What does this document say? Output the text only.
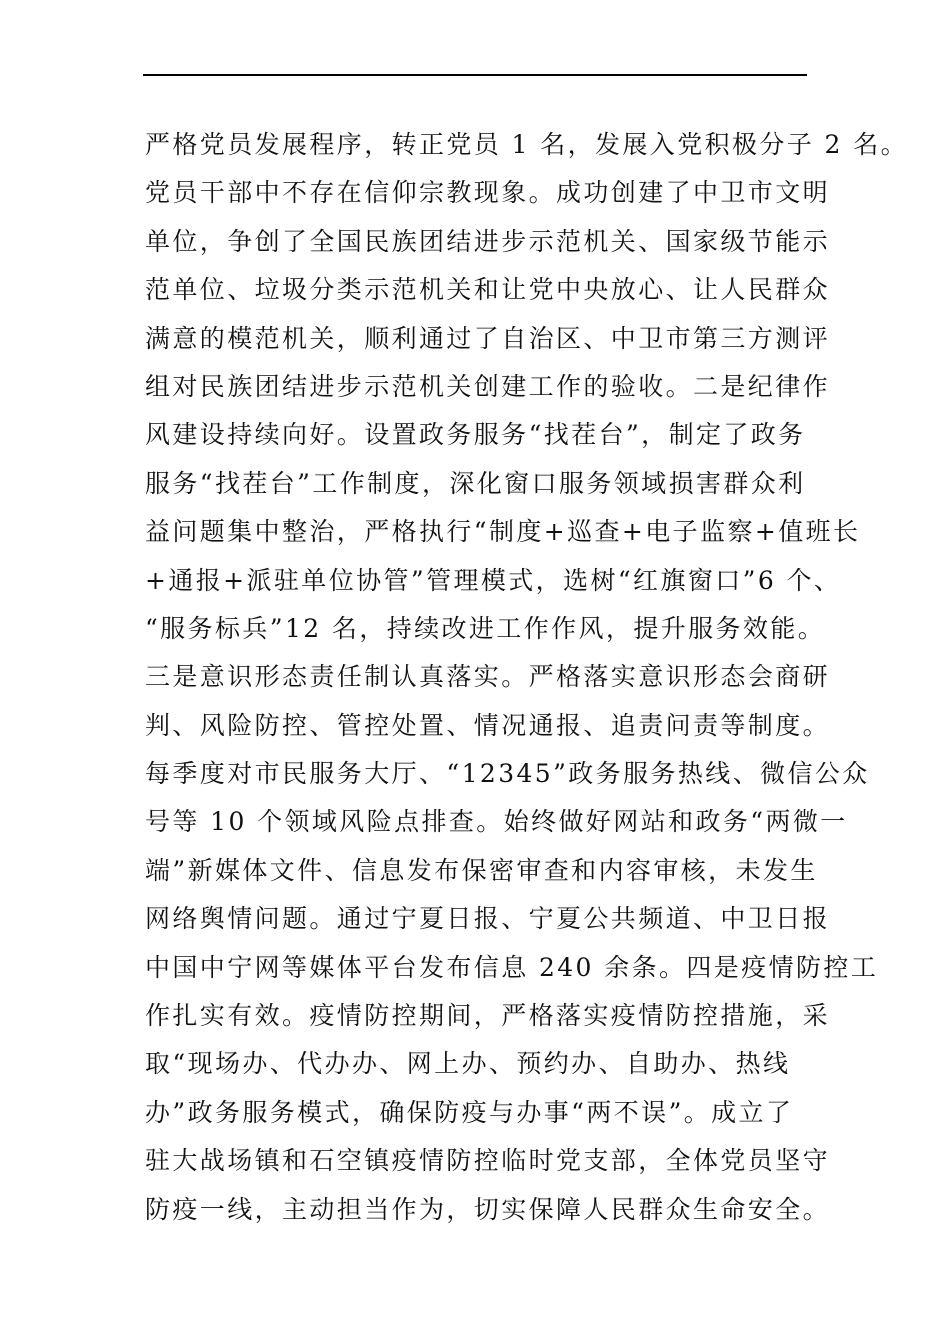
严格党员发展程序，转正党员 1 名，发展入党积极分子 2 名。
党员干部中不存在信仰宗教现象。成功创建了中卫市文明
单位，争创了全国民族团结进步示范机关、国家级节能示
范单位、垃圾分类示范机关和让党中央放心、让人民群众
满意的模范机关，顺利通过了自治区、中卫市第三方测评
组对民族团结进步示范机关创建工作的验收。二是纪律作
风建设持续向好。设置政务服务“找茬台”，制定了政务
服务“找茬台”工作制度，深化窗口服务领域损害群众利
益问题集中整治，严格执行“制度+巡查+电子监察+值班长
+通报+派驻单位协管”管理模式，选树“红旗窗口”6 个、
“服务标兵”12 名，持续改进工作作风，提升服务效能。
三是意识形态责任制认真落实。严格落实意识形态会商研
判、风险防控、管控处置、情况通报、追责问责等制度。
每季度对市民服务大厅、“12345”政务服务热线、微信公众
号等 10 个领域风险点排查。始终做好网站和政务“两微一
端”新媒体文件、信息发布保密审查和内容审核，未发生
网络舆情问题。通过宁夏日报、宁夏公共频道、中卫日报
中国中宁网等媒体平台发布信息 240 余条。四是疫情防控工
作扎实有效。疫情防控期间，严格落实疫情防控措施，采
取“现场办、代办办、网上办、预约办、自助办、热线
办”政务服务模式，确保防疫与办事“两不误”。成立了
驻大战场镇和石空镇疫情防控临时党支部，全体党员坚守
防疫一线，主动担当作为，切实保障人民群众生命安全。
